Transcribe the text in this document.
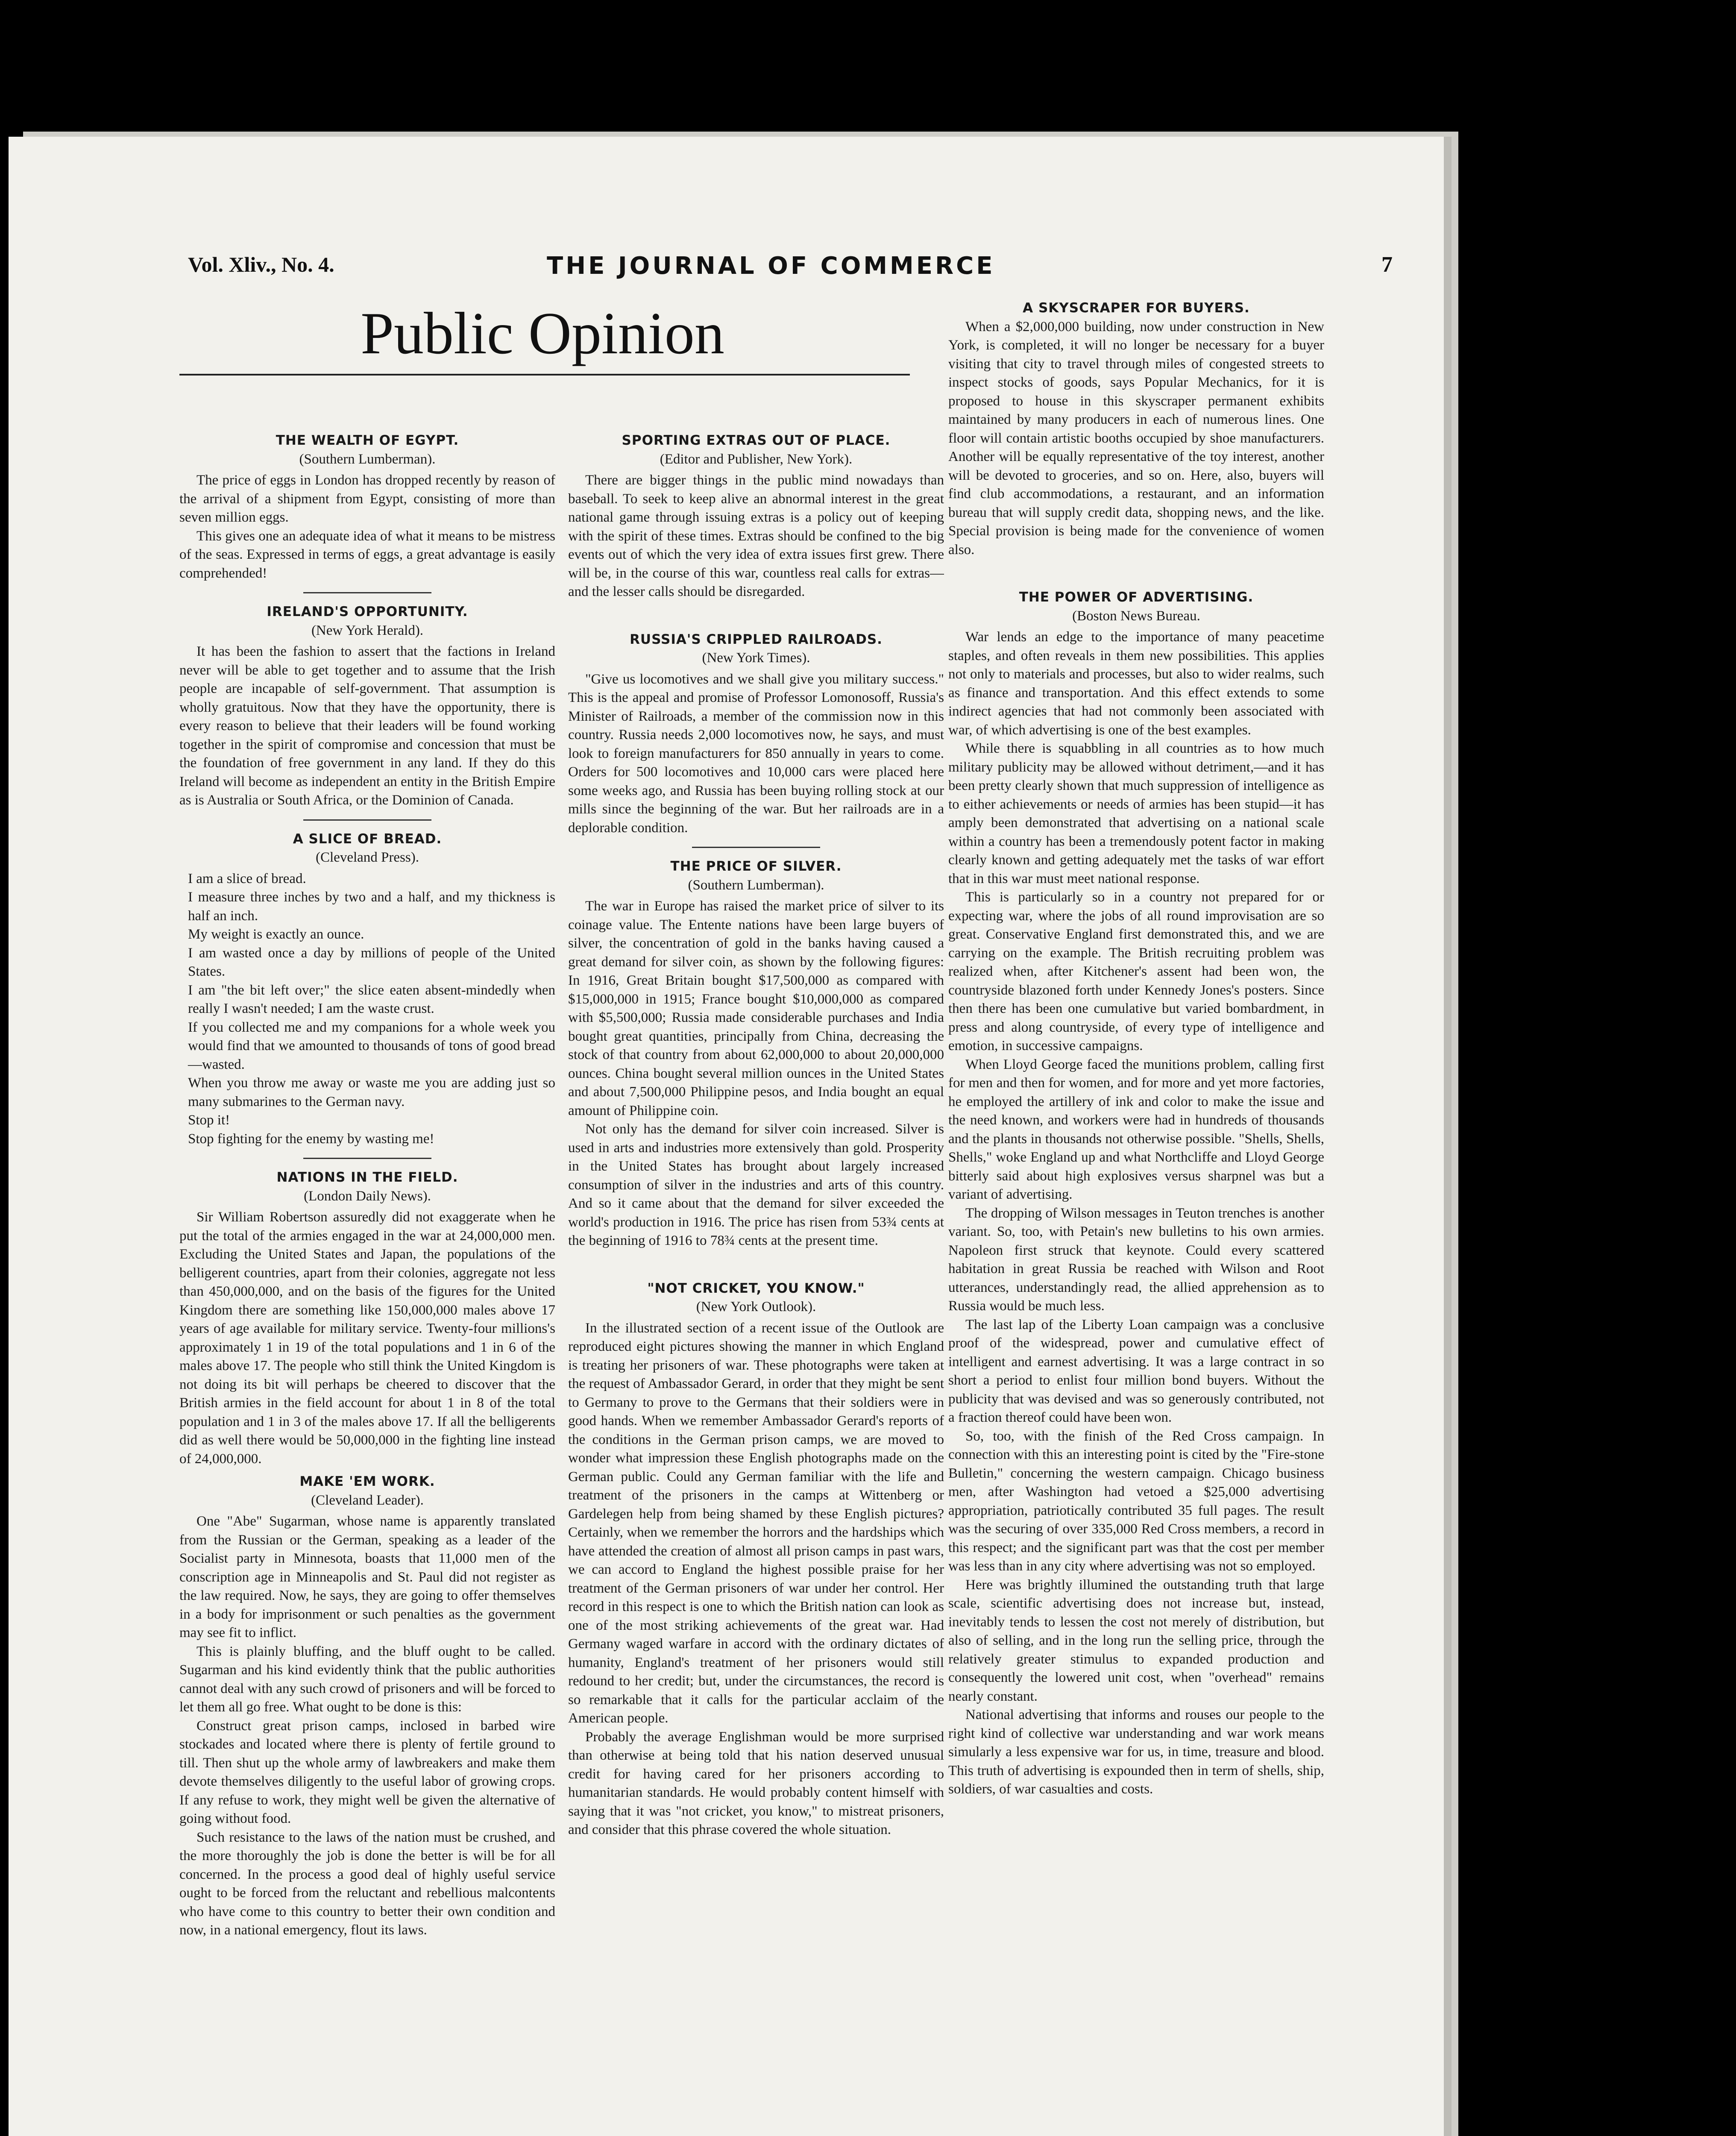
Vol. Xliv., No. 4.	THE JOURNAL OF COMMERCE	7
Public Opinion
THE WEALTH OF EGYPT.
(Southern Lumberman).

The price of eggs in London has dropped recently by reason of the arrival of a shipment from Egypt, consisting of more than seven million eggs.

This gives one an adequate idea of what it means to be mistress of the seas. Expressed in terms of eggs, a great advantage is easily comprehended!

IRELAND'S OPPORTUNITY.
(New York Herald).

It has been the fashion to assert that the factions in Ireland never will be able to get together and to assume that the Irish people are incapable of self-government. That assumption is wholly gratuitous. Now that they have the opportunity, there is every reason to believe that their leaders will be found working together in the spirit of compromise and concession that must be the foundation of free government in any land. If they do this Ireland will become as independent an entity in the British Empire as is Australia or South Africa, or the Dominion of Canada.

A SLICE OF BREAD.
(Cleveland Press).

I am a slice of bread.

I measure three inches by two and a half, and my thickness is half an inch.

My weight is exactly an ounce.

I am wasted once a day by millions of people of the United States.

I am "the bit left over;" the slice eaten absent-mindedly when really I wasn't needed; I am the waste crust.

If you collected me and my companions for a whole week you would find that we amounted to thousands of tons of good bread—wasted.

When you throw me away or waste me you are adding just so many submarines to the German navy.

Stop it!

Stop fighting for the enemy by wasting me!

NATIONS IN THE FIELD.
(London Daily News).

Sir William Robertson assuredly did not exaggerate when he put the total of the armies engaged in the war at 24,000,000 men. Excluding the United States and Japan, the populations of the belligerent countries, apart from their colonies, aggregate not less than 450,000,000, and on the basis of the figures for the United Kingdom there are something like 150,000,000 males above 17 years of age available for military service. Twenty-four millions's approximately 1 in 19 of the total populations and 1 in 6 of the males above 17. The people who still think the United Kingdom is not doing its bit will perhaps be cheered to discover that the British armies in the field account for about 1 in 8 of the total population and 1 in 3 of the males above 17. If all the belligerents did as well there would be 50,000,000 in the fighting line instead of 24,000,000.

MAKE 'EM WORK.
(Cleveland Leader).

One "Abe" Sugarman, whose name is apparently translated from the Russian or the German, speaking as a leader of the Socialist party in Minnesota, boasts that 11,000 men of the conscription age in Minneapolis and St. Paul did not register as the law required. Now, he says, they are going to offer themselves in a body for imprisonment or such penalties as the government may see fit to inflict.

This is plainly bluffing, and the bluff ought to be called. Sugarman and his kind evidently think that the public authorities cannot deal with any such crowd of prisoners and will be forced to let them all go free. What ought to be done is this:

Construct great prison camps, inclosed in barbed wire stockades and located where there is plenty of fertile ground to till. Then shut up the whole army of lawbreakers and make them devote themselves diligently to the useful labor of growing crops. If any refuse to work, they might well be given the alternative of going without food.

Such resistance to the laws of the nation must be crushed, and the more thoroughly the job is done the better is will be for all concerned. In the process a good deal of highly useful service ought to be forced from the reluctant and rebellious malcontents who have come to this country to better their own condition and now, in a national emergency, flout its laws.

SPORTING EXTRAS OUT OF PLACE.
(Editor and Publisher, New York).

There are bigger things in the public mind nowadays than baseball. To seek to keep alive an abnormal interest in the great national game through issuing extras is a policy out of keeping with the spirit of these times. Extras should be confined to the big events out of which the very idea of extra issues first grew. There will be, in the course of this war, countless real calls for extras—and the lesser calls should be disregarded.

RUSSIA'S CRIPPLED RAILROADS.
(New York Times).

"Give us locomotives and we shall give you military success." This is the appeal and promise of Professor Lomonosoff, Russia's Minister of Railroads, a member of the commission now in this country. Russia needs 2,000 locomotives now, he says, and must look to foreign manufacturers for 850 annually in years to come. Orders for 500 locomotives and 10,000 cars were placed here some weeks ago, and Russia has been buying rolling stock at our mills since the beginning of the war. But her railroads are in a deplorable condition.

THE PRICE OF SILVER.
(Southern Lumberman).

The war in Europe has raised the market price of silver to its coinage value. The Entente nations have been large buyers of silver, the concentration of gold in the banks having caused a great demand for silver coin, as shown by the following figures: In 1916, Great Britain bought $17,500,000 as compared with $15,000,000 in 1915; France bought $10,000,000 as compared with $5,500,000; Russia made considerable purchases and India bought great quantities, principally from China, decreasing the stock of that country from about 62,000,000 to about 20,000,000 ounces. China bought several million ounces in the United States and about 7,500,000 Philippine pesos, and India bought an equal amount of Philippine coin.

Not only has the demand for silver coin increased. Silver is used in arts and industries more extensively than gold. Prosperity in the United States has brought about largely increased consumption of silver in the industries and arts of this country. And so it came about that the demand for silver exceeded the world's production in 1916. The price has risen from 53¾ cents at the beginning of 1916 to 78¾ cents at the present time.

"NOT CRICKET, YOU KNOW."
(New York Outlook).

In the illustrated section of a recent issue of the Outlook are reproduced eight pictures showing the manner in which England is treating her prisoners of war. These photographs were taken at the request of Ambassador Gerard, in order that they might be sent to Germany to prove to the Germans that their soldiers were in good hands. When we remember Ambassador Gerard's reports of the conditions in the German prison camps, we are moved to wonder what impression these English photographs made on the German public. Could any German familiar with the life and treatment of the prisoners in the camps at Wittenberg or Gardelegen help from being shamed by these English pictures? Certainly, when we remember the horrors and the hardships which have attended the creation of almost all prison camps in past wars, we can accord to England the highest possible praise for her treatment of the German prisoners of war under her control. Her record in this respect is one to which the British nation can look as one of the most striking achievements of the great war. Had Germany waged warfare in accord with the ordinary dictates of humanity, England's treatment of her prisoners would still redound to her credit; but, under the circumstances, the record is so remarkable that it calls for the particular acclaim of the American people.

Probably the average Englishman would be more surprised than otherwise at being told that his nation deserved unusual credit for having cared for her prisoners according to humanitarian standards. He would probably content himself with saying that it was "not cricket, you know," to mistreat prisoners, and consider that this phrase covered the whole situation.

A SKYSCRAPER FOR BUYERS.

When a $2,000,000 building, now under construction in New York, is completed, it will no longer be necessary for a buyer visiting that city to travel through miles of congested streets to inspect stocks of goods, says Popular Mechanics, for it is proposed to house in this skyscraper permanent exhibits maintained by many producers in each of numerous lines. One floor will contain artistic booths occupied by shoe manufacturers. Another will be equally representative of the toy interest, another will be devoted to groceries, and so on. Here, also, buyers will find club accommodations, a restaurant, and an information bureau that will supply credit data, shopping news, and the like. Special provision is being made for the convenience of women also.

THE POWER OF ADVERTISING.
(Boston News Bureau.

War lends an edge to the importance of many peacetime staples, and often reveals in them new possibilities. This applies not only to materials and processes, but also to wider realms, such as finance and transportation. And this effect extends to some indirect agencies that had not commonly been associated with war, of which advertising is one of the best examples.

While there is squabbling in all countries as to how much military publicity may be allowed without detriment,—and it has been pretty clearly shown that much suppression of intelligence as to either achievements or needs of armies has been stupid—it has amply been demonstrated that advertising on a national scale within a country has been a tremendously potent factor in making clearly known and getting adequately met the tasks of war effort that in this war must meet national response.

This is particularly so in a country not prepared for or expecting war, where the jobs of all round improvisation are so great. Conservative England first demonstrated this, and we are carrying on the example. The British recruiting problem was realized when, after Kitchener's assent had been won, the countryside blazoned forth under Kennedy Jones's posters. Since then there has been one cumulative but varied bombardment, in press and along countryside, of every type of intelligence and emotion, in successive campaigns.

When Lloyd George faced the munitions problem, calling first for men and then for women, and for more and yet more factories, he employed the artillery of ink and color to make the issue and the need known, and workers were had in hundreds of thousands and the plants in thousands not otherwise possible. "Shells, Shells, Shells," woke England up and what Northcliffe and Lloyd George bitterly said about high explosives versus sharpnel was but a variant of advertising.

The dropping of Wilson messages in Teuton trenches is another variant. So, too, with Petain's new bulletins to his own armies. Napoleon first struck that keynote. Could every scattered habitation in great Russia be reached with Wilson and Root utterances, understandingly read, the allied apprehension as to Russia would be much less.

The last lap of the Liberty Loan campaign was a conclusive proof of the widespread, power and cumulative effect of intelligent and earnest advertising. It was a large contract in so short a period to enlist four million bond buyers. Without the publicity that was devised and was so generously contributed, not a fraction thereof could have been won.

So, too, with the finish of the Red Cross campaign. In connection with this an interesting point is cited by the "Fire-stone Bulletin," concerning the western campaign. Chicago business men, after Washington had vetoed a $25,000 advertising appropriation, patriotically contributed 35 full pages. The result was the securing of over 335,000 Red Cross members, a record in this respect; and the significant part was that the cost per member was less than in any city where advertising was not so employed.

Here was brightly illumined the outstanding truth that large scale, scientific advertising does not increase but, instead, inevitably tends to lessen the cost not merely of distribution, but also of selling, and in the long run the selling price, through the relatively greater stimulus to expanded production and consequently the lowered unit cost, when "overhead" remains nearly constant.

National advertising that informs and rouses our people to the right kind of collective war understanding and war work means simularly a less expensive war for us, in time, treasure and blood. This truth of advertising is expounded then in term of shells, ship, soldiers, of war casualties and costs.
